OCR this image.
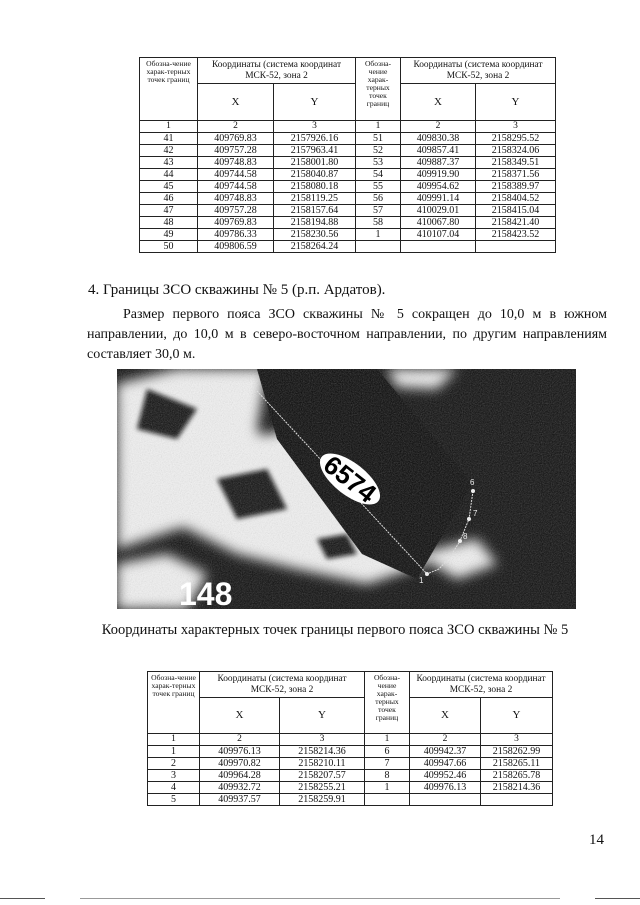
Обозна-чение харак-терных точек границ	Координаты (система координат МСК-52, зона 2		Обозна-чение харак-терных точек границ	Координаты (система координат МСК-52, зона 2	
	X	Y		X	Y
1	2	3	1	2	3
41	409769.83	2157926.16	51	409830.38	2158295.52
42	409757.28	2157963.41	52	409857.41	2158324.06
43	409748.83	2158001.80	53	409887.37	2158349.51
44	409744.58	2158040.87	54	409919.90	2158371.56
45	409744.58	2158080.18	55	409954.62	2158389.97
46	409748.83	2158119.25	56	409991.14	2158404.52
47	409757.28	2158157.64	57	410029.01	2158415.04
48	409769.83	2158194.88	58	410067.80	2158421.40
49	409786.33	2158230.56	1	410107.04	2158423.52
50	409806.59	2158264.24			

4. Границы ЗСО скважины № 5 (р.п. Ардатов).

Размер первого пояса ЗСО скважины № 5 сокращен до 10,0 м в южном направлении, до 10,0 м в северо-восточном направлении, по другим направлениям составляет 30,0 м.

6574
148
6
7
8
1

Координаты характерных точек границы первого пояса ЗСО скважины № 5

Обозна-чение харак-терных точек границ	Координаты (система координат МСК-52, зона 2		Обозна-чение харак-терных точек границ	Координаты (система координат МСК-52, зона 2	
	X	Y		X	Y
1	2	3	1	2	3
1	409976.13	2158214.36	6	409942.37	2158262.99
2	409970.82	2158210.11	7	409947.66	2158265.11
3	409964.28	2158207.57	8	409952.46	2158265.78
4	409932.72	2158255.21	1	409976.13	2158214.36
5	409937.57	2158259.91			
14
